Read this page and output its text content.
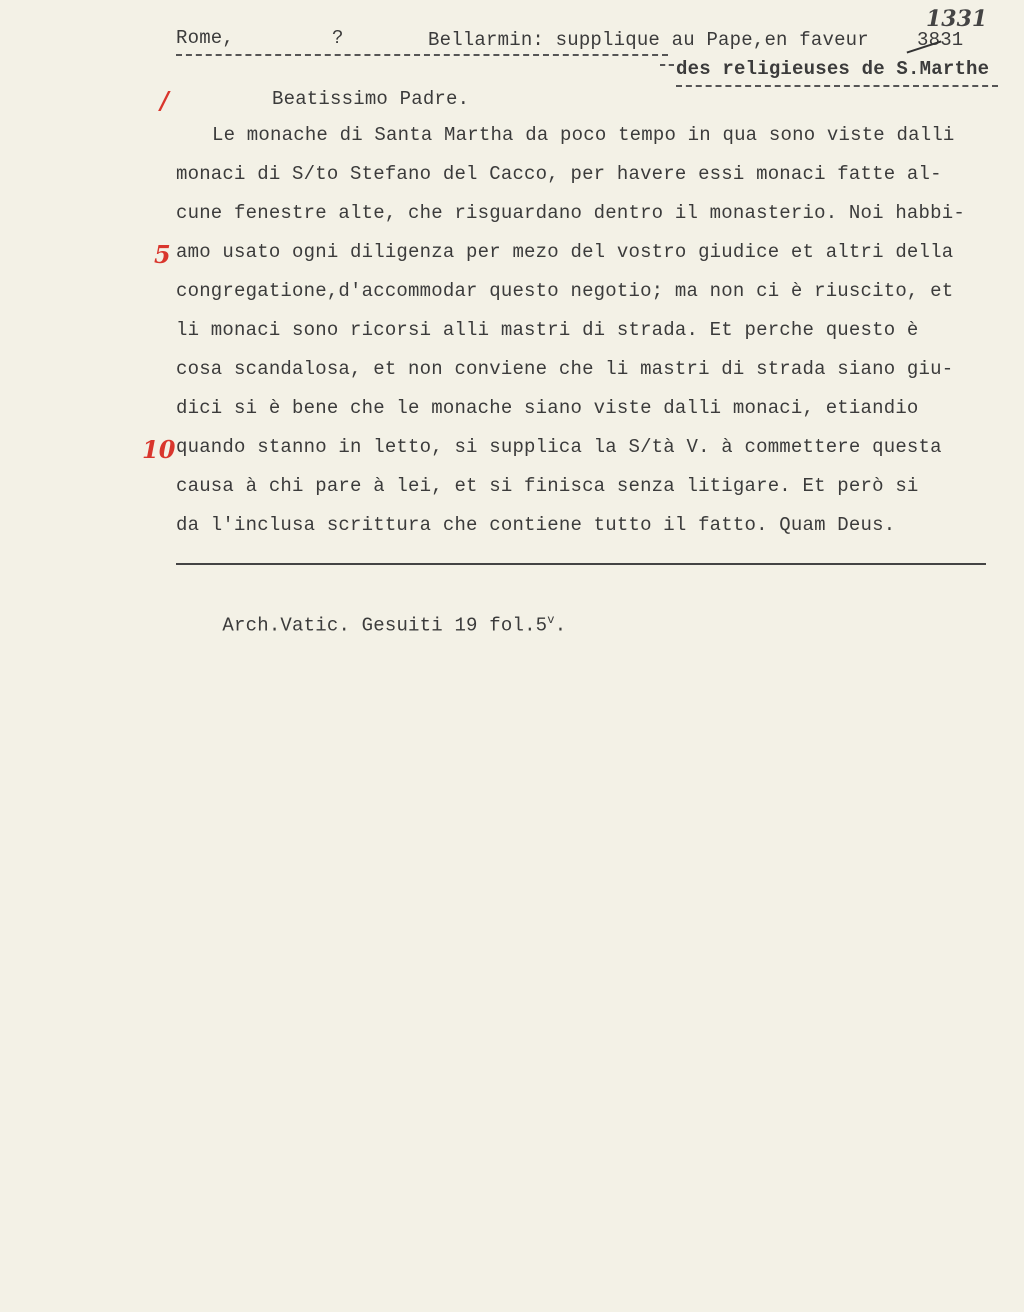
Rome,	?	Bellarmin: supplique au Pape,en faveur
1331
3831
des religieuses de S.Marthe
/
5
10
Beatissimo Padre.
Le monache di Santa Martha da poco tempo in qua sono viste dalli
monaci di S/to Stefano del Cacco, per havere essi monaci fatte al-
cune fenestre alte, che risguardano dentro il monasterio. Noi habbi-
amo usato ogni diligenza per mezo del vostro giudice et altri della
congregatione,d'accommodar questo negotio; ma non ci è riuscito, et
li monaci sono ricorsi alli mastri di strada. Et perche questo è
cosa scandalosa, et non conviene che li mastri di strada siano giu-
dici si è bene che le monache siano viste dalli monaci, etiandio
quando stanno in letto, si supplica la S/tà V. à commettere questa
causa à chi pare à lei, et si finisca senza litigare. Et però si
da l'inclusa scrittura che contiene tutto il fatto. Quam Deus.

Arch.Vatic. Gesuiti 19 fol.5$^v$.
